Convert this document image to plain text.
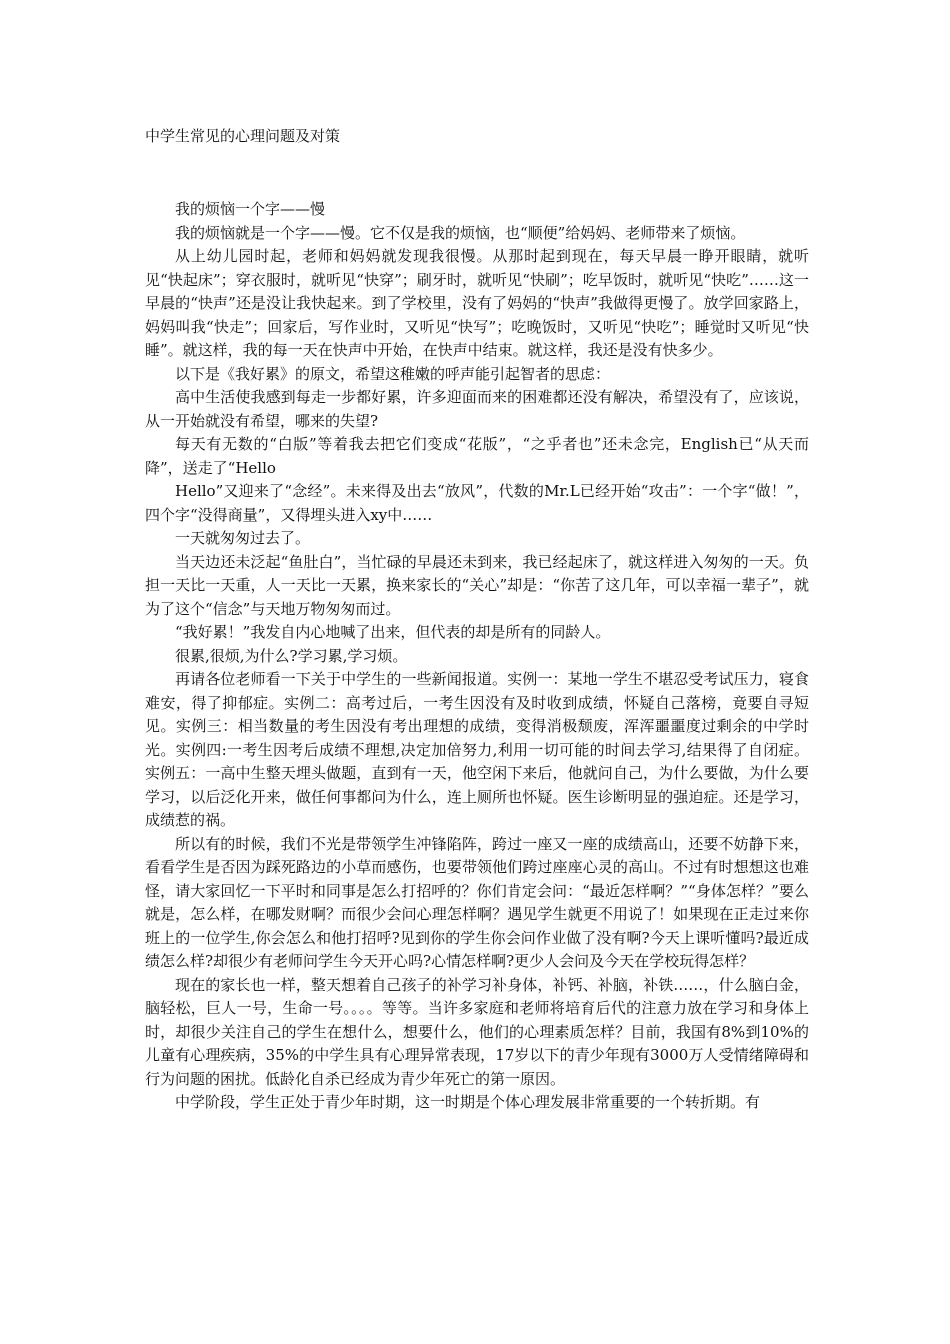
中学生常见的心理问题及对策

我的烦恼一个字——慢

我的烦恼就是一个字——慢。它不仅是我的烦恼，也“顺便”给妈妈、老师带来了烦恼。

从上幼儿园时起，老师和妈妈就发现我很慢。从那时起到现在，每天早晨一睁开眼睛，就听见“快起床”；穿衣服时，就听见“快穿”；刷牙时，就听见“快刷”；吃早饭时，就听见“快吃”……这一早晨的“快声”还是没让我快起来。到了学校里，没有了妈妈的“快声”我做得更慢了。放学回家路上，妈妈叫我“快走”；回家后，写作业时，又听见“快写”；吃晚饭时，又听见“快吃”；睡觉时又听见“快睡”。就这样，我的每一天在快声中开始，在快声中结束。就这样，我还是没有快多少。

以下是《我好累》的原文，希望这稚嫩的呼声能引起智者的思虑：

高中生活使我感到每走一步都好累，许多迎面而来的困难都还没有解决，希望没有了，应该说，从一开始就没有希望，哪来的失望?

每天有无数的“白版”等着我去把它们变成“花版”，“之乎者也”还未念完，English已“从天而降”，送走了“Hello

Hello”又迎来了“念经”。未来得及出去“放风”，代数的Mr.L已经开始“攻击”：一个字“做！”，四个字“没得商量”，又得埋头进入xy中……

一天就匆匆过去了。

当天边还未泛起“鱼肚白”，当忙碌的早晨还未到来，我已经起床了，就这样进入匆匆的一天。负担一天比一天重，人一天比一天累，换来家长的“关心”却是：“你苦了这几年，可以幸福一辈子”，就为了这个“信念”与天地万物匆匆而过。

“我好累！”我发自内心地喊了出来，但代表的却是所有的同龄人。

很累,很烦,为什么?学习累,学习烦。

再请各位老师看一下关于中学生的一些新闻报道。实例一：某地一学生不堪忍受考试压力，寝食难安，得了抑郁症。实例二：高考过后，一考生因没有及时收到成绩，怀疑自己落榜，竟要自寻短见。实例三：相当数量的考生因没有考出理想的成绩，变得消极颓废，浑浑噩噩度过剩余的中学时光。实例四:一考生因考后成绩不理想,决定加倍努力,利用一切可能的时间去学习,结果得了自闭症。实例五：一高中生整天埋头做题，直到有一天，他空闲下来后，他就问自己，为什么要做，为什么要学习，以后泛化开来，做任何事都问为什么，连上厕所也怀疑。医生诊断明显的强迫症。还是学习，成绩惹的祸。

所以有的时候，我们不光是带领学生冲锋陷阵，跨过一座又一座的成绩高山，还要不妨静下来，看看学生是否因为踩死路边的小草而感伤，也要带领他们跨过座座心灵的高山。不过有时想想这也难怪，请大家回忆一下平时和同事是怎么打招呼的？你们肯定会问：“最近怎样啊？”“身体怎样？”要么就是，怎么样，在哪发财啊？而很少会问心理怎样啊？遇见学生就更不用说了！如果现在正走过来你班上的一位学生,你会怎么和他打招呼?见到你的学生你会问作业做了没有啊?今天上课听懂吗?最近成绩怎么样?却很少有老师问学生今天开心吗?心情怎样啊?更少人会问及今天在学校玩得怎样？

现在的家长也一样，整天想着自己孩子的补学习补身体，补钙、补脑，补铁……，什么脑白金，脑轻松，巨人一号，生命一号。。。。等等。当许多家庭和老师将培育后代的注意力放在学习和身体上时，却很少关注自己的学生在想什么，想要什么，他们的心理素质怎样？目前，我国有8%到10%的儿童有心理疾病，35%的中学生具有心理异常表现，17岁以下的青少年现有3000万人受情绪障碍和行为问题的困扰。低龄化自杀已经成为青少年死亡的第一原因。

中学阶段，学生正处于青少年时期，这一时期是个体心理发展非常重要的一个转折期。有
